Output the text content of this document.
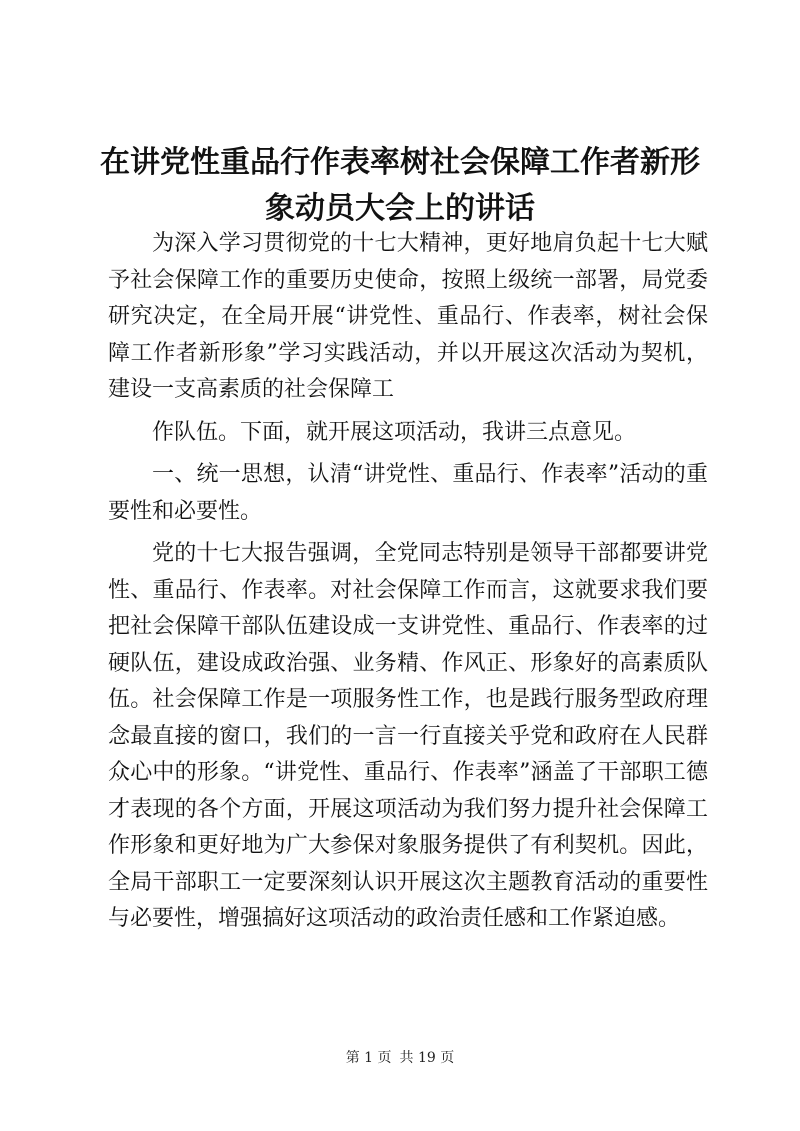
在讲党性重品行作表率树社会保障工作者新形象动员大会上的讲话

为深入学习贯彻党的十七大精神，更好地肩负起十七大赋予社会保障工作的重要历史使命，按照上级统一部署，局党委研究决定，在全局开展“讲党性、重品行、作表率，树社会保障工作者新形象”学习实践活动，并以开展这次活动为契机，建设一支高素质的社会保障工

作队伍。下面，就开展这项活动，我讲三点意见。

一、统一思想，认清“讲党性、重品行、作表率”活动的重要性和必要性。

党的十七大报告强调，全党同志特别是领导干部都要讲党性、重品行、作表率。对社会保障工作而言，这就要求我们要把社会保障干部队伍建设成一支讲党性、重品行、作表率的过硬队伍，建设成政治强、业务精、作风正、形象好的高素质队伍。社会保障工作是一项服务性工作，也是践行服务型政府理念最直接的窗口，我们的一言一行直接关乎党和政府在人民群众心中的形象。“讲党性、重品行、作表率”涵盖了干部职工德才表现的各个方面，开展这项活动为我们努力提升社会保障工作形象和更好地为广大参保对象服务提供了有利契机。因此，全局干部职工一定要深刻认识开展这次主题教育活动的重要性与必要性，增强搞好这项活动的政治责任感和工作紧迫感。

第 1 页 共 19 页
